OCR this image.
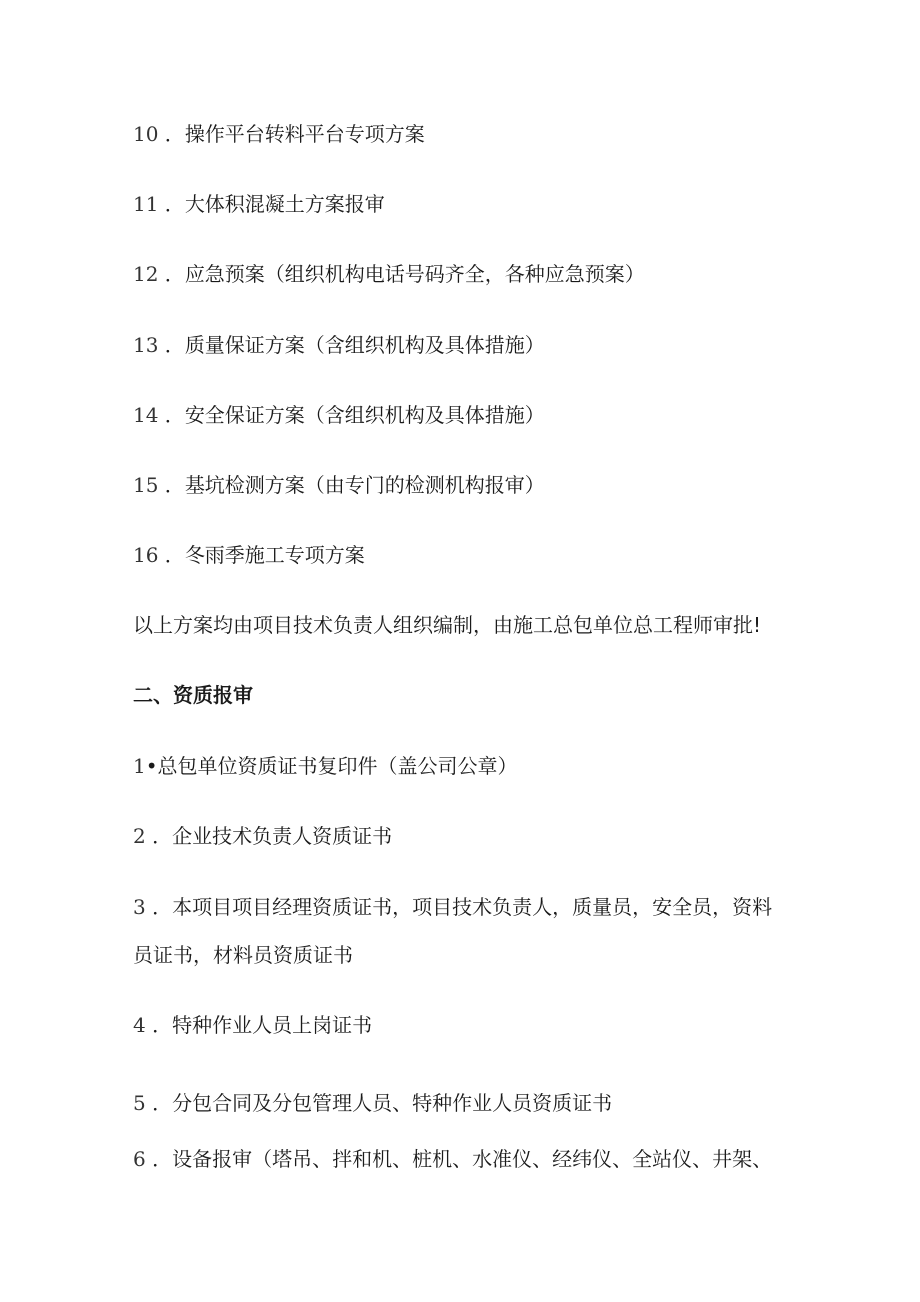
10 ．操作平台转料平台专项方案
11 ．大体积混凝土方案报审
12 ．应急预案（组织机构电话号码齐全，各种应急预案）
13 ．质量保证方案（含组织机构及具体措施）
14 ．安全保证方案（含组织机构及具体措施）
15 ．基坑检测方案（由专门的检测机构报审）
16 ．冬雨季施工专项方案
以上方案均由项目技术负责人组织编制，由施工总包单位总工程师审批!
二、资质报审
1•总包单位资质证书复印件（盖公司公章）
2 ．企业技术负责人资质证书
3 ．本项目项目经理资质证书，项目技术负责人，质量员，安全员，资料
员证书，材料员资质证书
4 ．特种作业人员上岗证书
5 ．分包合同及分包管理人员、特种作业人员资质证书
6 ．设备报审（塔吊、拌和机、桩机、水准仪、经纬仪、全站仪、井架、
